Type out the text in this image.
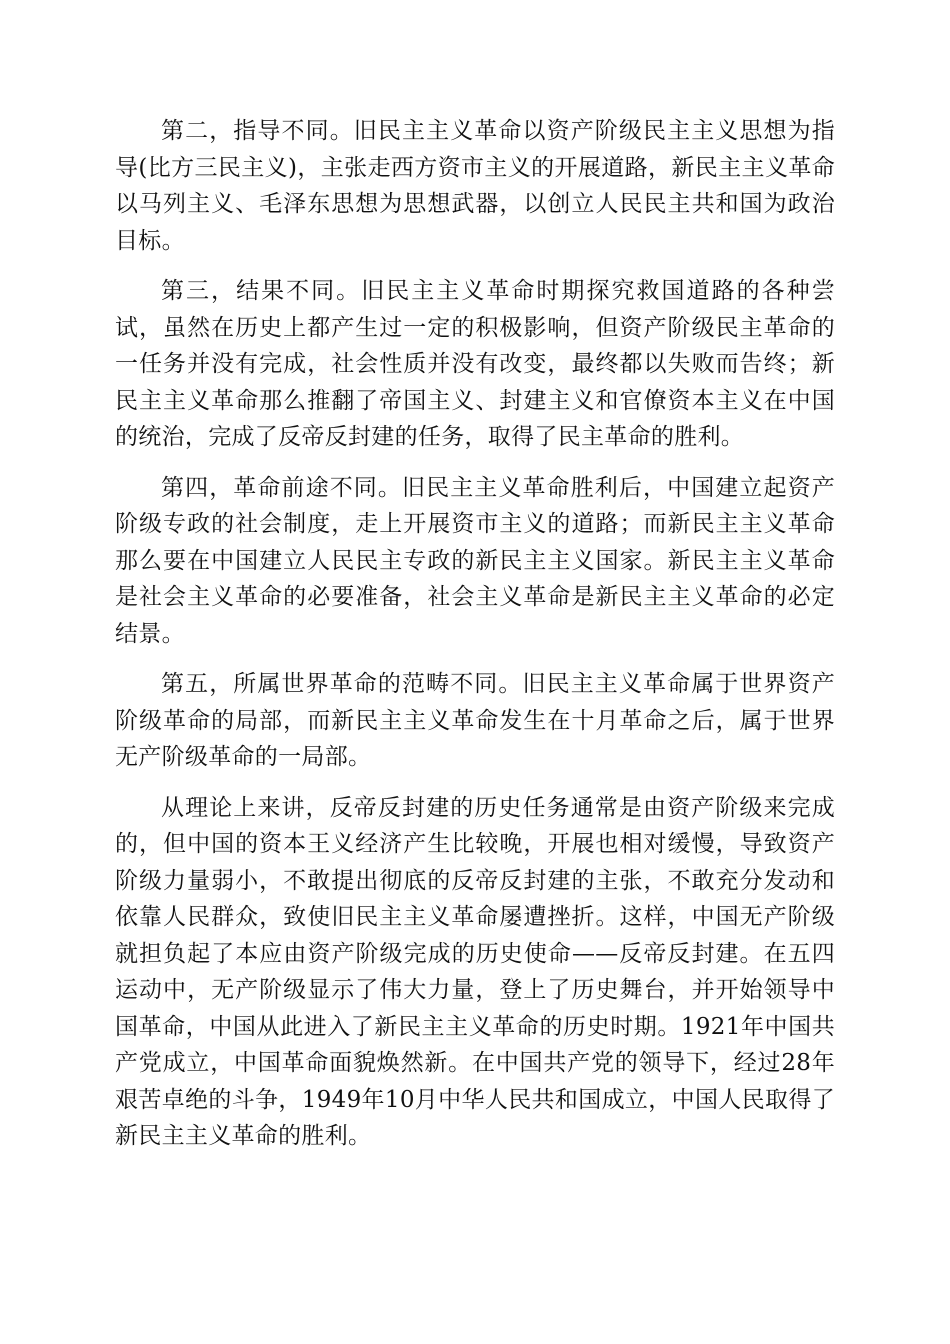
第二，指导不同。旧民主主义革命以资产阶级民主主义思想为指导(比方三民主义)，主张走西方资市主义的开展道路，新民主主义革命以马列主义、毛泽东思想为思想武器，以创立人民民主共和国为政治目标。

第三，结果不同。旧民主主义革命时期探究救国道路的各种尝试，虽然在历史上都产生过一定的积极影响，但资产阶级民主革命的一任务并没有完成，社会性质并没有改变，最终都以失败而告终；新民主主义革命那么推翻了帝国主义、封建主义和官僚资本主义在中国的统治，完成了反帝反封建的任务，取得了民主革命的胜利。

第四，革命前途不同。旧民主主义革命胜利后，中国建立起资产阶级专政的社会制度，走上开展资市主义的道路；而新民主主义革命那么要在中国建立人民民主专政的新民主主义国家。新民主主义革命是社会主义革命的必要准备，社会主义革命是新民主主义革命的必定结景。

第五，所属世界革命的范畴不同。旧民主主义革命属于世界资产阶级革命的局部，而新民主主义革命发生在十月革命之后，属于世界无产阶级革命的一局部。

从理论上来讲，反帝反封建的历史任务通常是由资产阶级来完成的，但中国的资本王义经济产生比较晚，开展也相对缓慢，导致资产阶级力量弱小，不敢提出彻底的反帝反封建的主张，不敢充分发动和依靠人民群众，致使旧民主主义革命屡遭挫折。这样，中国无产阶级就担负起了本应由资产阶级完成的历史使命——反帝反封建。在五四运动中，无产阶级显示了伟大力量，登上了历史舞台，并开始领导中国革命，中国从此进入了新民主主义革命的历史时期。1921年中国共产党成立，中国革命面貌焕然新。在中国共产党的领导下，经过28年艰苦卓绝的斗争，1949年10月中华人民共和国成立，中国人民取得了新民主主义革命的胜利。
